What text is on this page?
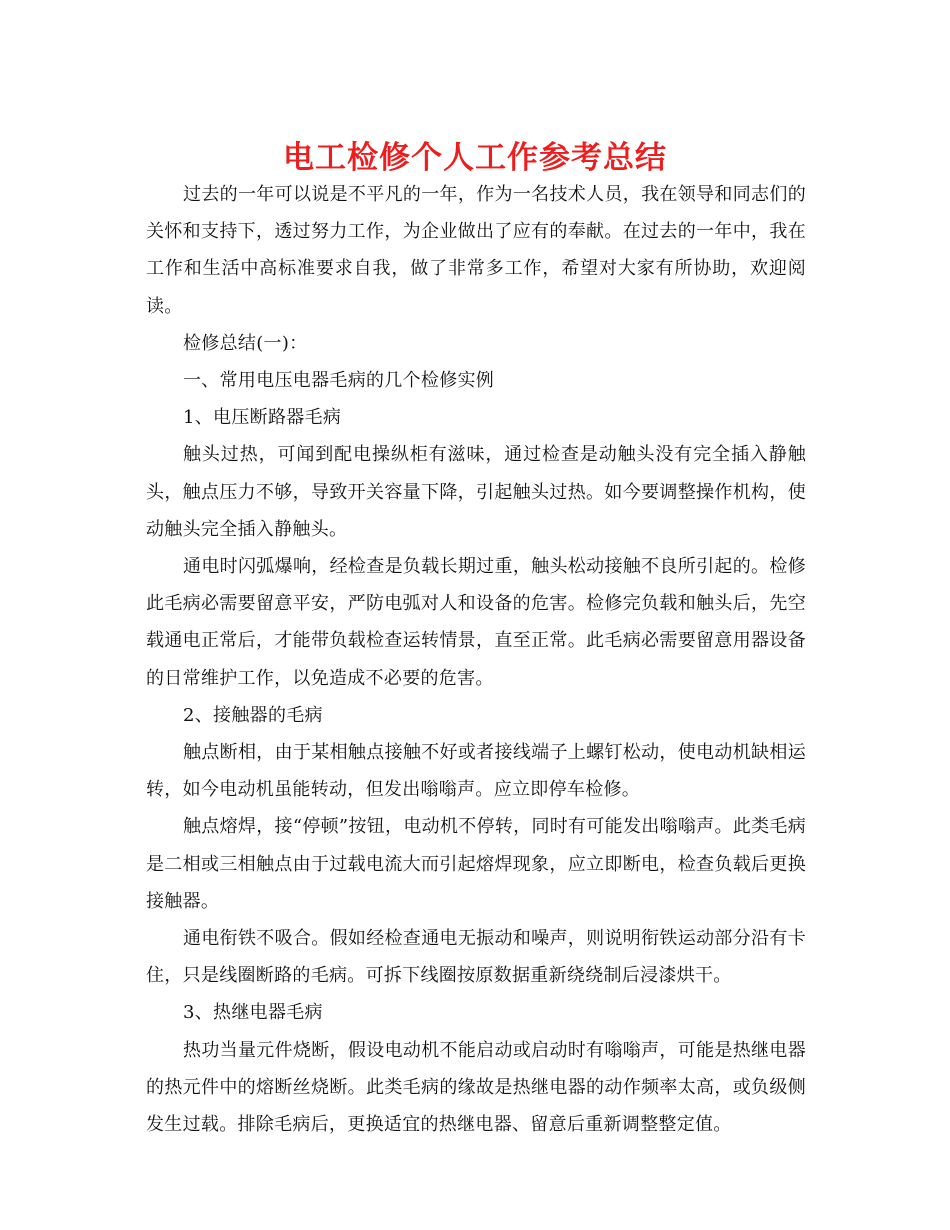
电工检修个人工作参考总结

过去的一年可以说是不平凡的一年，作为一名技术人员，我在领导和同志们的关怀和支持下，透过努力工作，为企业做出了应有的奉献。在过去的一年中，我在工作和生活中高标准要求自我，做了非常多工作，希望对大家有所协助，欢迎阅读。

检修总结(一)：

一、常用电压电器毛病的几个检修实例

1、电压断路器毛病

触头过热，可闻到配电操纵柜有滋味，通过检查是动触头没有完全插入静触头，触点压力不够，导致开关容量下降，引起触头过热。如今要调整操作机构，使动触头完全插入静触头。

通电时闪弧爆响，经检查是负载长期过重，触头松动接触不良所引起的。检修此毛病必需要留意平安，严防电弧对人和设备的危害。检修完负载和触头后，先空载通电正常后，才能带负载检查运转情景，直至正常。此毛病必需要留意用器设备的日常维护工作，以免造成不必要的危害。

2、接触器的毛病

触点断相，由于某相触点接触不好或者接线端子上螺钉松动，使电动机缺相运转，如今电动机虽能转动，但发出嗡嗡声。应立即停车检修。

触点熔焊，接“停顿”按钮，电动机不停转，同时有可能发出嗡嗡声。此类毛病是二相或三相触点由于过载电流大而引起熔焊现象，应立即断电，检查负载后更换接触器。

通电衔铁不吸合。假如经检查通电无振动和噪声，则说明衔铁运动部分沿有卡住，只是线圈断路的毛病。可拆下线圈按原数据重新绕绕制后浸漆烘干。

3、热继电器毛病

热功当量元件烧断，假设电动机不能启动或启动时有嗡嗡声，可能是热继电器的热元件中的熔断丝烧断。此类毛病的缘故是热继电器的动作频率太高，或负级侧发生过载。排除毛病后，更换适宜的热继电器、留意后重新调整整定值。
